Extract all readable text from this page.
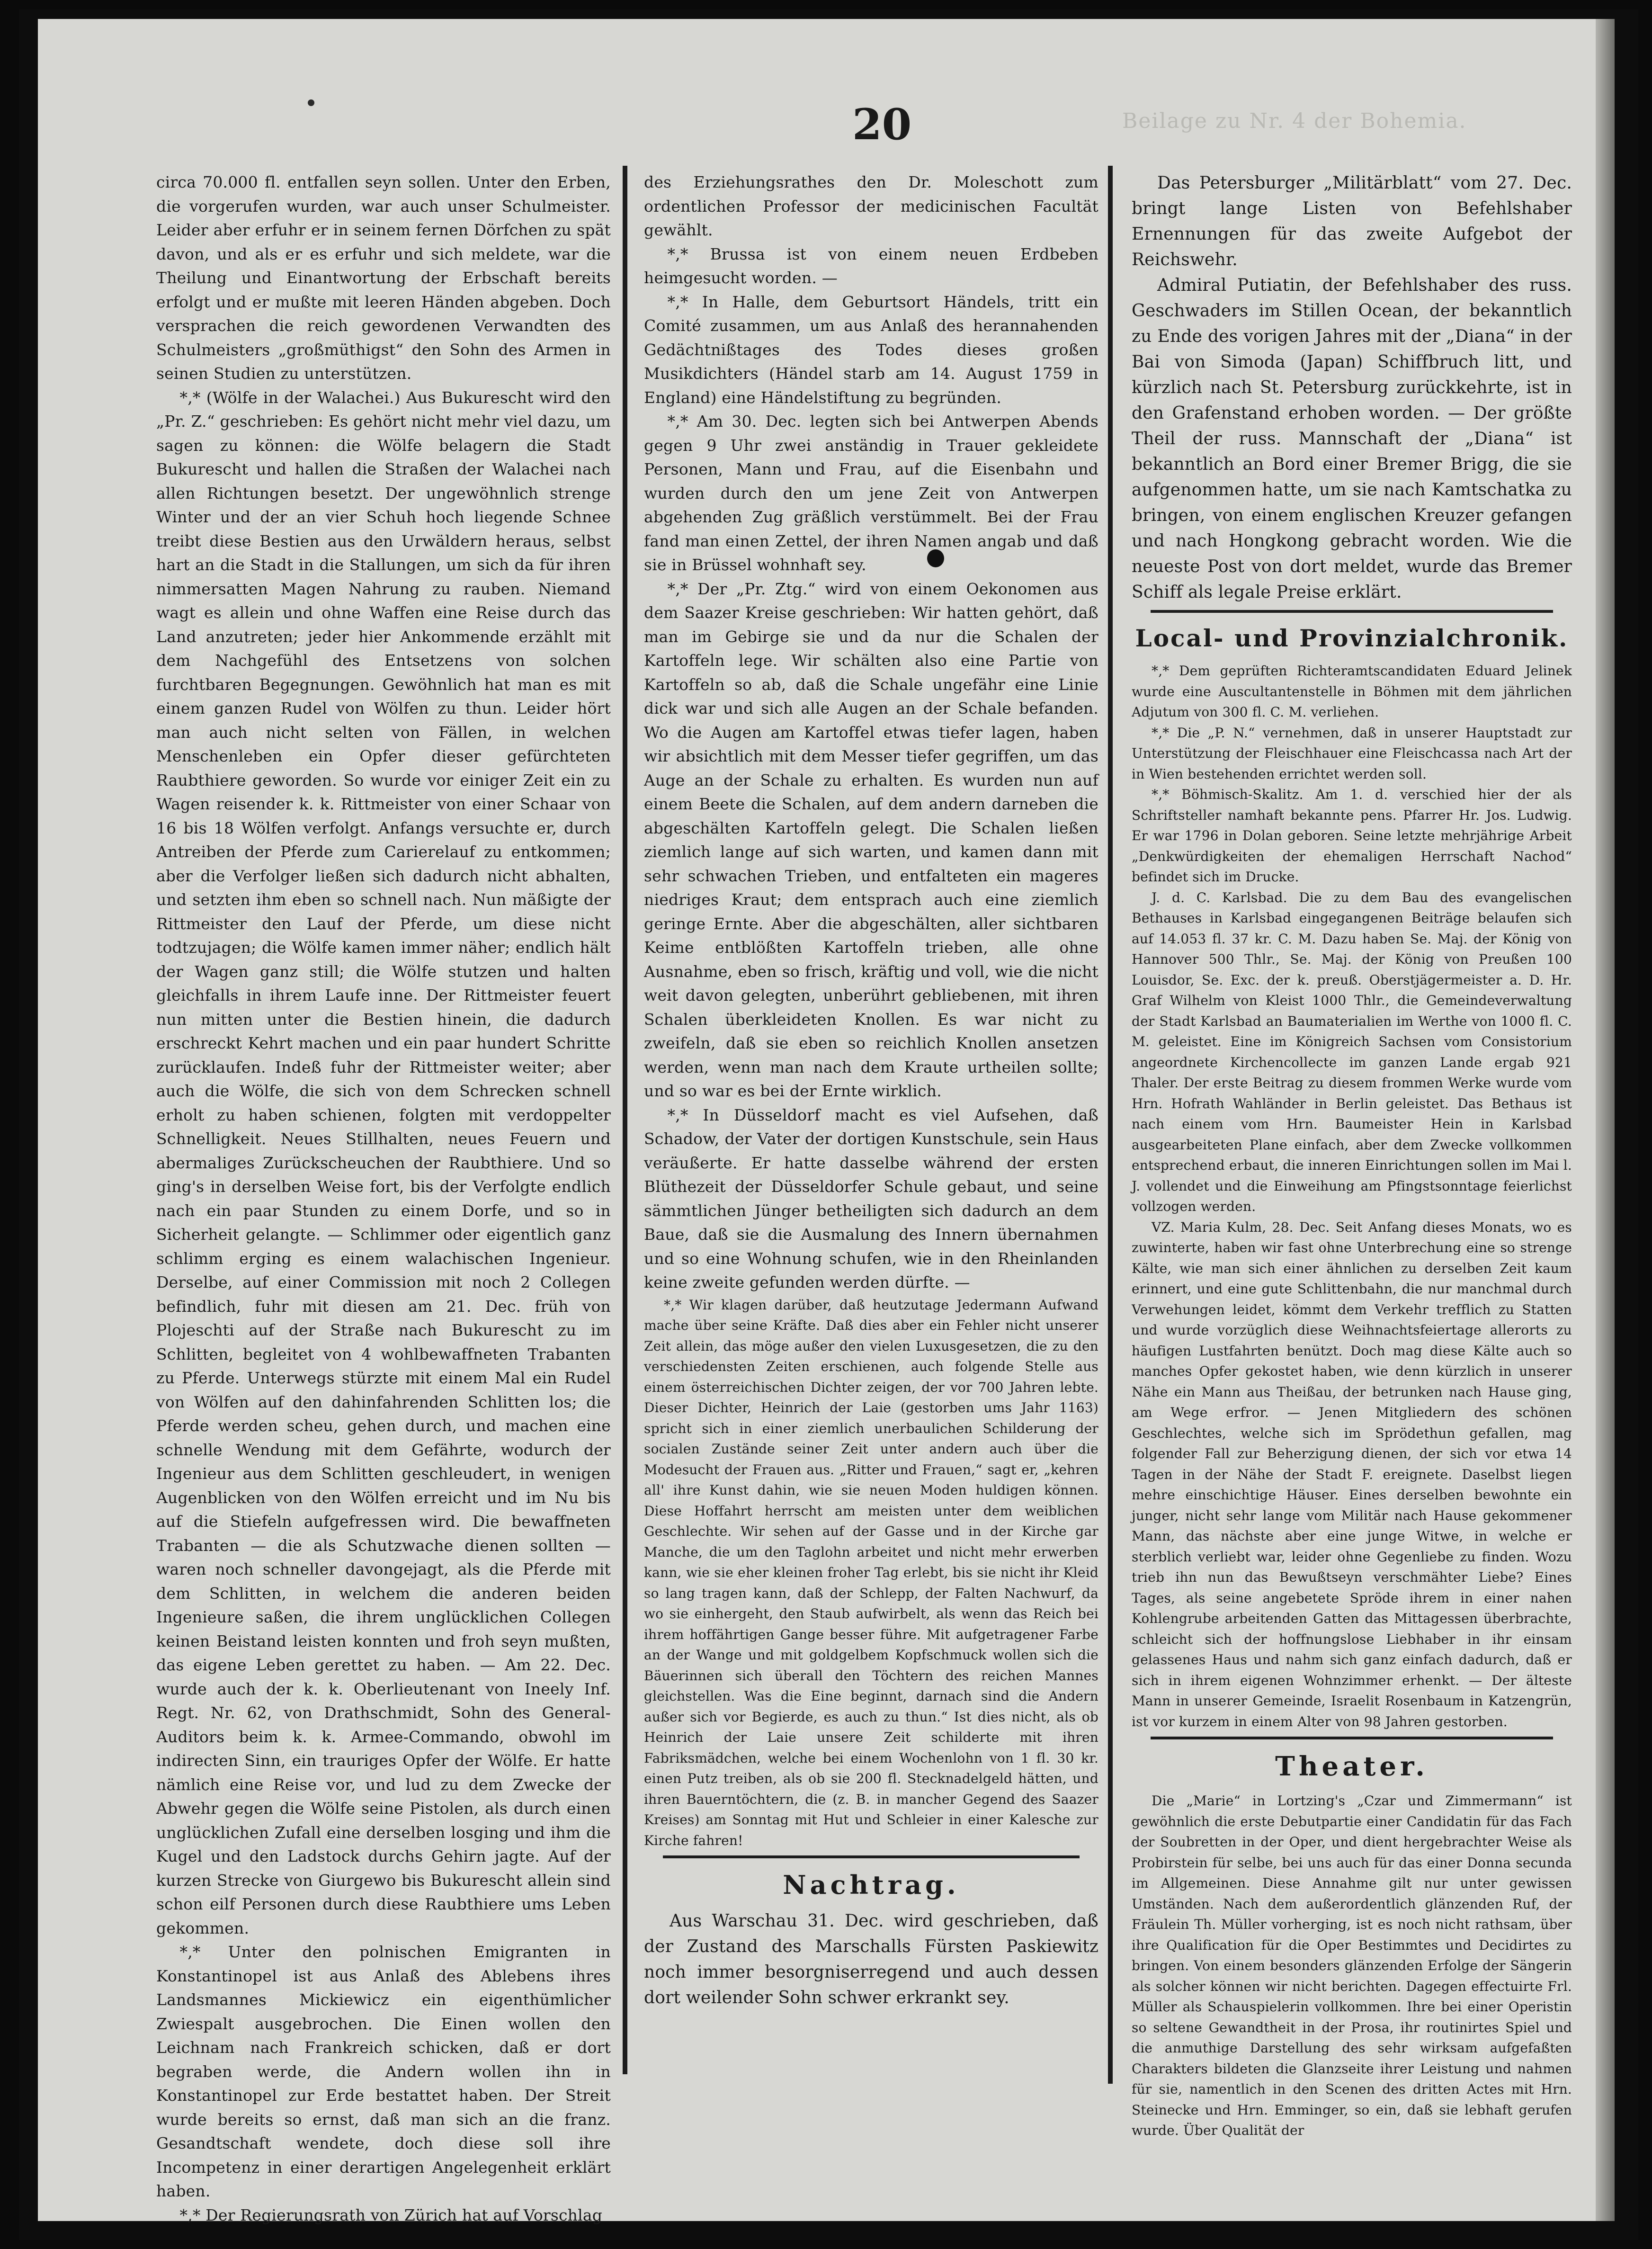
20	Beilage zu Nr. 4 der Bohemia.

circa 70.000 fl. entfallen seyn sollen. Unter den Erben, die vorgerufen wurden, war auch unser Schulmeister. Leider aber erfuhr er in seinem fernen Dörfchen zu spät davon, und als er es erfuhr und sich meldete, war die Theilung und Einantwortung der Erbschaft bereits erfolgt und er mußte mit leeren Händen abgeben. Doch versprachen die reich gewordenen Verwandten des Schulmeisters „großmüthigst“ den Sohn des Armen in seinen Studien zu unterstützen.

*,* (Wölfe in der Walachei.) Aus Bukurescht wird den „Pr. Z.“ geschrieben: Es gehört nicht mehr viel dazu, um sagen zu können: die Wölfe belagern die Stadt Bukurescht und hallen die Straßen der Walachei nach allen Richtungen besetzt. Der ungewöhnlich strenge Winter und der an vier Schuh hoch liegende Schnee treibt diese Bestien aus den Urwäldern heraus, selbst hart an die Stadt in die Stallungen, um sich da für ihren nimmersatten Magen Nahrung zu rauben. Niemand wagt es allein und ohne Waffen eine Reise durch das Land anzutreten; jeder hier Ankommende erzählt mit dem Nachgefühl des Entsetzens von solchen furchtbaren Begegnungen. Gewöhnlich hat man es mit einem ganzen Rudel von Wölfen zu thun. Leider hört man auch nicht selten von Fällen, in welchen Menschenleben ein Opfer dieser gefürchteten Raubthiere geworden. So wurde vor einiger Zeit ein zu Wagen reisender k. k. Rittmeister von einer Schaar von 16 bis 18 Wölfen verfolgt. Anfangs versuchte er, durch Antreiben der Pferde zum Carierelauf zu entkommen; aber die Verfolger ließen sich dadurch nicht abhalten, und setzten ihm eben so schnell nach. Nun mäßigte der Rittmeister den Lauf der Pferde, um diese nicht todtzujagen; die Wölfe kamen immer näher; endlich hält der Wagen ganz still; die Wölfe stutzen und halten gleichfalls in ihrem Laufe inne. Der Rittmeister feuert nun mitten unter die Bestien hinein, die dadurch erschreckt Kehrt machen und ein paar hundert Schritte zurücklaufen. Indeß fuhr der Rittmeister weiter; aber auch die Wölfe, die sich von dem Schrecken schnell erholt zu haben schienen, folgten mit verdoppelter Schnelligkeit. Neues Stillhalten, neues Feuern und abermaliges Zurückscheuchen der Raubthiere. Und so ging's in derselben Weise fort, bis der Verfolgte endlich nach ein paar Stunden zu einem Dorfe, und so in Sicherheit gelangte. — Schlimmer oder eigentlich ganz schlimm erging es einem walachischen Ingenieur. Derselbe, auf einer Commission mit noch 2 Collegen befindlich, fuhr mit diesen am 21. Dec. früh von Plojeschti auf der Straße nach Bukurescht zu im Schlitten, begleitet von 4 wohlbewaffneten Trabanten zu Pferde. Unterwegs stürzte mit einem Mal ein Rudel von Wölfen auf den dahinfahrenden Schlitten los; die Pferde werden scheu, gehen durch, und machen eine schnelle Wendung mit dem Gefährte, wodurch der Ingenieur aus dem Schlitten geschleudert, in wenigen Augenblicken von den Wölfen erreicht und im Nu bis auf die Stiefeln aufgefressen wird. Die bewaffneten Trabanten — die als Schutzwache dienen sollten — waren noch schneller davongejagt, als die Pferde mit dem Schlitten, in welchem die anderen beiden Ingenieure saßen, die ihrem unglücklichen Collegen keinen Beistand leisten konnten und froh seyn mußten, das eigene Leben gerettet zu haben. — Am 22. Dec. wurde auch der k. k. Oberlieutenant von Ineely Inf. Regt. Nr. 62, von Drathschmidt, Sohn des General-Auditors beim k. k. Armee-Commando, obwohl im indirecten Sinn, ein trauriges Opfer der Wölfe. Er hatte nämlich eine Reise vor, und lud zu dem Zwecke der Abwehr gegen die Wölfe seine Pistolen, als durch einen unglücklichen Zufall eine derselben losging und ihm die Kugel und den Ladstock durchs Gehirn jagte. Auf der kurzen Strecke von Giurgewo bis Bukurescht allein sind schon eilf Personen durch diese Raubthiere ums Leben gekommen.

*,* Unter den polnischen Emigranten in Konstantinopel ist aus Anlaß des Ablebens ihres Landsmannes Mickiewicz ein eigenthümlicher Zwiespalt ausgebrochen. Die Einen wollen den Leichnam nach Frankreich schicken, daß er dort begraben werde, die Andern wollen ihn in Konstantinopel zur Erde bestattet haben. Der Streit wurde bereits so ernst, daß man sich an die franz. Gesandtschaft wendete, doch diese soll ihre Incompetenz in einer derartigen Angelegenheit erklärt haben.

*,* Der Regierungsrath von Zürich hat auf Vorschlag

des Erziehungsrathes den Dr. Moleschott zum ordentlichen Professor der medicinischen Facultät gewählt.

*,* Brussa ist von einem neuen Erdbeben heimgesucht worden. —

*,* In Halle, dem Geburtsort Händels, tritt ein Comité zusammen, um aus Anlaß des herannahenden Gedächtnißtages des Todes dieses großen Musikdichters (Händel starb am 14. August 1759 in England) eine Händelstiftung zu begründen.

*,* Am 30. Dec. legten sich bei Antwerpen Abends gegen 9 Uhr zwei anständig in Trauer gekleidete Personen, Mann und Frau, auf die Eisenbahn und wurden durch den um jene Zeit von Antwerpen abgehenden Zug gräßlich verstümmelt. Bei der Frau fand man einen Zettel, der ihren Namen angab und daß sie in Brüssel wohnhaft sey.

*,* Der „Pr. Ztg.“ wird von einem Oekonomen aus dem Saazer Kreise geschrieben: Wir hatten gehört, daß man im Gebirge sie und da nur die Schalen der Kartoffeln lege. Wir schälten also eine Partie von Kartoffeln so ab, daß die Schale ungefähr eine Linie dick war und sich alle Augen an der Schale befanden. Wo die Augen am Kartoffel etwas tiefer lagen, haben wir absichtlich mit dem Messer tiefer gegriffen, um das Auge an der Schale zu erhalten. Es wurden nun auf einem Beete die Schalen, auf dem andern darneben die abgeschälten Kartoffeln gelegt. Die Schalen ließen ziemlich lange auf sich warten, und kamen dann mit sehr schwachen Trieben, und entfalteten ein mageres niedriges Kraut; dem entsprach auch eine ziemlich geringe Ernte. Aber die abgeschälten, aller sichtbaren Keime entblößten Kartoffeln trieben, alle ohne Ausnahme, eben so frisch, kräftig und voll, wie die nicht weit davon gelegten, unberührt gebliebenen, mit ihren Schalen überkleideten Knollen. Es war nicht zu zweifeln, daß sie eben so reichlich Knollen ansetzen werden, wenn man nach dem Kraute urtheilen sollte; und so war es bei der Ernte wirklich.

*,* In Düsseldorf macht es viel Aufsehen, daß Schadow, der Vater der dortigen Kunstschule, sein Haus veräußerte. Er hatte dasselbe während der ersten Blüthezeit der Düsseldorfer Schule gebaut, und seine sämmtlichen Jünger betheiligten sich dadurch an dem Baue, daß sie die Ausmalung des Innern übernahmen und so eine Wohnung schufen, wie in den Rheinlanden keine zweite gefunden werden dürfte. —

*,* Wir klagen darüber, daß heutzutage Jedermann Aufwand mache über seine Kräfte. Daß dies aber ein Fehler nicht unserer Zeit allein, das möge außer den vielen Luxusgesetzen, die zu den verschiedensten Zeiten erschienen, auch folgende Stelle aus einem österreichischen Dichter zeigen, der vor 700 Jahren lebte. Dieser Dichter, Heinrich der Laie (gestorben ums Jahr 1163) spricht sich in einer ziemlich unerbaulichen Schilderung der socialen Zustände seiner Zeit unter andern auch über die Modesucht der Frauen aus. „Ritter und Frauen,“ sagt er, „kehren all' ihre Kunst dahin, wie sie neuen Moden huldigen können. Diese Hoffahrt herrscht am meisten unter dem weiblichen Geschlechte. Wir sehen auf der Gasse und in der Kirche gar Manche, die um den Taglohn arbeitet und nicht mehr erwerben kann, wie sie eher kleinen froher Tag erlebt, bis sie nicht ihr Kleid so lang tragen kann, daß der Schlepp, der Falten Nachwurf, da wo sie einhergeht, den Staub aufwirbelt, als wenn das Reich bei ihrem hoffährtigen Gange besser führe. Mit aufgetragener Farbe an der Wange und mit goldgelbem Kopfschmuck wollen sich die Bäuerinnen sich überall den Töchtern des reichen Mannes gleichstellen. Was die Eine beginnt, darnach sind die Andern außer sich vor Begierde, es auch zu thun.“ Ist dies nicht, als ob Heinrich der Laie unsere Zeit schilderte mit ihren Fabriksmädchen, welche bei einem Wochenlohn von 1 fl. 30 kr. einen Putz treiben, als ob sie 200 fl. Stecknadelgeld hätten, und ihren Bauerntöchtern, die (z. B. in mancher Gegend des Saazer Kreises) am Sonntag mit Hut und Schleier in einer Kalesche zur Kirche fahren!

Nachtrag.

Aus Warschau 31. Dec. wird geschrieben, daß der Zustand des Marschalls Fürsten Paskiewitz noch immer besorgniserregend und auch dessen dort weilender Sohn schwer erkrankt sey.

Das Petersburger „Militärblatt“ vom 27. Dec. bringt lange Listen von Befehlshaber Ernennungen für das zweite Aufgebot der Reichswehr.

Admiral Putiatin, der Befehlshaber des russ. Geschwaders im Stillen Ocean, der bekanntlich zu Ende des vorigen Jahres mit der „Diana“ in der Bai von Simoda (Japan) Schiffbruch litt, und kürzlich nach St. Petersburg zurückkehrte, ist in den Grafenstand erhoben worden. — Der größte Theil der russ. Mannschaft der „Diana“ ist bekanntlich an Bord einer Bremer Brigg, die sie aufgenommen hatte, um sie nach Kamtschatka zu bringen, von einem englischen Kreuzer gefangen und nach Hongkong gebracht worden. Wie die neueste Post von dort meldet, wurde das Bremer Schiff als legale Preise erklärt.

Local- und Provinzialchronik.

*,* Dem geprüften Richteramtscandidaten Eduard Jelinek wurde eine Auscultantenstelle in Böhmen mit dem jährlichen Adjutum von 300 fl. C. M. verliehen.

*,* Die „P. N.“ vernehmen, daß in unserer Hauptstadt zur Unterstützung der Fleischhauer eine Fleischcassa nach Art der in Wien bestehenden errichtet werden soll.

*,* Böhmisch-Skalitz. Am 1. d. verschied hier der als Schriftsteller namhaft bekannte pens. Pfarrer Hr. Jos. Ludwig. Er war 1796 in Dolan geboren. Seine letzte mehrjährige Arbeit „Denkwürdigkeiten der ehemaligen Herrschaft Nachod“ befindet sich im Drucke.

J. d. C. Karlsbad. Die zu dem Bau des evangelischen Bethauses in Karlsbad eingegangenen Beiträge belaufen sich auf 14.053 fl. 37 kr. C. M. Dazu haben Se. Maj. der König von Hannover 500 Thlr., Se. Maj. der König von Preußen 100 Louisdor, Se. Exc. der k. preuß. Oberstjägermeister a. D. Hr. Graf Wilhelm von Kleist 1000 Thlr., die Gemeindeverwaltung der Stadt Karlsbad an Baumaterialien im Werthe von 1000 fl. C. M. geleistet. Eine im Königreich Sachsen vom Consistorium angeordnete Kirchencollecte im ganzen Lande ergab 921 Thaler. Der erste Beitrag zu diesem frommen Werke wurde vom Hrn. Hofrath Wahländer in Berlin geleistet. Das Bethaus ist nach einem vom Hrn. Baumeister Hein in Karlsbad ausgearbeiteten Plane einfach, aber dem Zwecke vollkommen entsprechend erbaut, die inneren Einrichtungen sollen im Mai l. J. vollendet und die Einweihung am Pfingstsonntage feierlichst vollzogen werden.

VZ. Maria Kulm, 28. Dec. Seit Anfang dieses Monats, wo es zuwinterte, haben wir fast ohne Unterbrechung eine so strenge Kälte, wie man sich einer ähnlichen zu derselben Zeit kaum erinnert, und eine gute Schlittenbahn, die nur manchmal durch Verwehungen leidet, kömmt dem Verkehr trefflich zu Statten und wurde vorzüglich diese Weihnachtsfeiertage allerorts zu häufigen Lustfahrten benützt. Doch mag diese Kälte auch so manches Opfer gekostet haben, wie denn kürzlich in unserer Nähe ein Mann aus Theißau, der betrunken nach Hause ging, am Wege erfror. — Jenen Mitgliedern des schönen Geschlechtes, welche sich im Sprödethun gefallen, mag folgender Fall zur Beherzigung dienen, der sich vor etwa 14 Tagen in der Nähe der Stadt F. ereignete. Daselbst liegen mehre einschichtige Häuser. Eines derselben bewohnte ein junger, nicht sehr lange vom Militär nach Hause gekommener Mann, das nächste aber eine junge Witwe, in welche er sterblich verliebt war, leider ohne Gegenliebe zu finden. Wozu trieb ihn nun das Bewußtseyn verschmähter Liebe? Eines Tages, als seine angebetete Spröde ihrem in einer nahen Kohlengrube arbeitenden Gatten das Mittagessen überbrachte, schleicht sich der hoffnungslose Liebhaber in ihr einsam gelassenes Haus und nahm sich ganz einfach dadurch, daß er sich in ihrem eigenen Wohnzimmer erhenkt. — Der älteste Mann in unserer Gemeinde, Israelit Rosenbaum in Katzengrün, ist vor kurzem in einem Alter von 98 Jahren gestorben.

Theater.

Die „Marie“ in Lortzing's „Czar und Zimmermann“ ist gewöhnlich die erste Debutpartie einer Candidatin für das Fach der Soubretten in der Oper, und dient hergebrachter Weise als Probirstein für selbe, bei uns auch für das einer Donna secunda im Allgemeinen. Diese Annahme gilt nur unter gewissen Umständen. Nach dem außerordentlich glänzenden Ruf, der Fräulein Th. Müller vorherging, ist es noch nicht rathsam, über ihre Qualification für die Oper Bestimmtes und Decidirtes zu bringen. Von einem besonders glänzenden Erfolge der Sängerin als solcher können wir nicht berichten. Dagegen effectuirte Frl. Müller als Schauspielerin vollkommen. Ihre bei einer Operistin so seltene Gewandtheit in der Prosa, ihr routinirtes Spiel und die anmuthige Darstellung des sehr wirksam aufgefaßten Charakters bildeten die Glanzseite ihrer Leistung und nahmen für sie, namentlich in den Scenen des dritten Actes mit Hrn. Steinecke und Hrn. Emminger, so ein, daß sie lebhaft gerufen wurde. Über Qualität der
